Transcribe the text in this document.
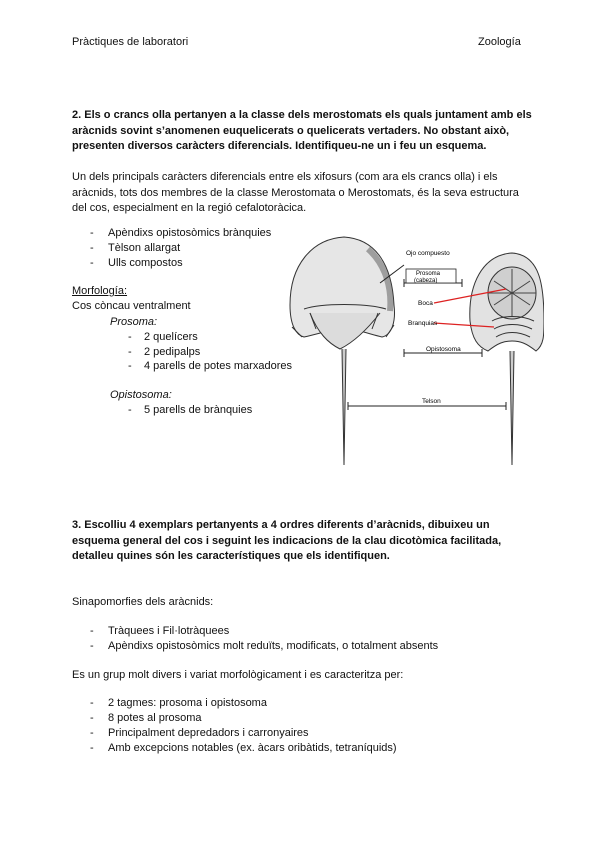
Pràctiques de laboratori	Zoología
2. Els o crancs olla pertanyen a la classe dels merostomats els quals juntament amb els aràcnids sovint s’anomenen euquelicerats o quelicerats vertaders. No obstant això, presenten diversos caràcters diferencials. Identifiqueu-ne un i feu un esquema.
Un dels principals caràcters diferencials entre els xifosurs (com ara els crancs olla) i els aràcnids, tots dos membres de la classe Merostomata o Merostomats, és la seva estructura del cos, especialment en la regió cefalotoràcica.
- Apèndixs opistosòmics brànquies
- Tèlson allargat
- Ulls compostos
Morfología:
Cos còncau ventralment
Prosoma:
- 2 quelícers
- 2 pedipalps
- 4 parells de potes marxadores
Opistosoma:
- 5 parells de brànquies
Ojo compuesto
Prosoma
(cabeza)
Boca
Branquias
Opistosoma
Telson
3. Escolliu 4 exemplars pertanyents a 4 ordres diferents d’aràcnids, dibuixeu un esquema general del cos i seguint les indicacions de la clau dicotòmica facilitada, detalleu quines són les característiques que els identifiquen.
Sinapomorfies dels aràcnids:
- Tràquees i Fil·lotràquees
- Apèndixs opistosòmics molt reduïts, modificats, o totalment absents
Es un grup molt divers i variat morfològicament i es caracteritza per:
- 2 tagmes: prosoma i opistosoma
- 8 potes al prosoma
- Principalment depredadors i carronyaires
- Amb excepcions notables (ex. àcars oribàtids, tetraníquids)
